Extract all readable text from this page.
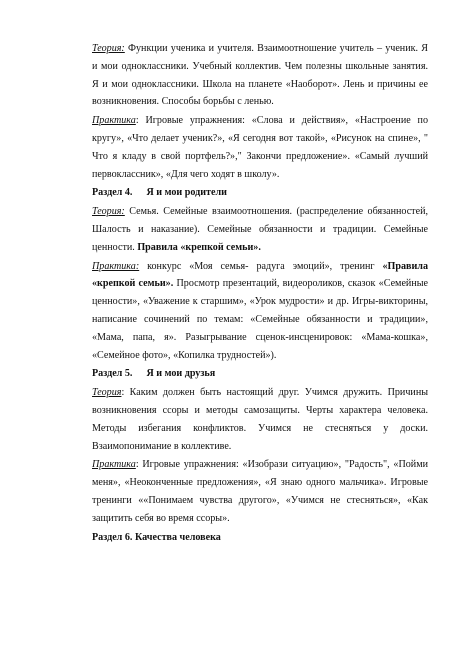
Теория: Функции ученика и учителя. Взаимоотношение учитель – ученик. Я и мои одноклассники. Учебный коллектив. Чем полезны школьные занятия. Я и мои одноклассники. Школа на планете «Наоборот». Лень и причины ее возникновения. Способы борьбы с ленью.

Практика: Игровые упражнения: «Слова и действия», «Настроение по кругу», «Что делает ученик?», «Я сегодня вот такой», «Рисунок на спине», " Что я кладу в свой портфель?»," Закончи предложение». «Самый лучший первоклассник», «Для чего ходят в школу».

Раздел 4. Я и мои родители

Теория: Семья. Семейные взаимоотношения. (распределение обязанностей, Шалость и наказание). Семейные обязанности и традиции. Семейные ценности. Правила «крепкой семьи».

Практика: конкурс «Моя семья- радуга эмоций», тренинг «Правила «крепкой семьи». Просмотр презентаций, видеороликов, сказок «Семейные ценности», «Уважение к старшим», «Урок мудрости» и др. Игры-викторины, написание сочинений по темам: «Семейные обязанности и традиции», «Мама, папа, я». Разыгрывание сценок-инсценировок: «Мама-кошка», «Семейное фото», «Копилка трудностей»).

Раздел 5. Я и мои друзья

Теория: Каким должен быть настоящий друг. Учимся дружить. Причины возникновения ссоры и методы самозащиты. Черты характера человека. Методы избегания конфликтов. Учимся не стесняться у доски. Взаимопонимание в коллективе.

Практика: Игровые упражнения: «Изобрази ситуацию», "Радость", «Пойми меня», «Неоконченные предложения», «Я знаю одного мальчика». Игровые тренинги ««Понимаем чувства другого», «Учимся не стесняться», «Как защитить себя во время ссоры».

Раздел 6. Качества человека
